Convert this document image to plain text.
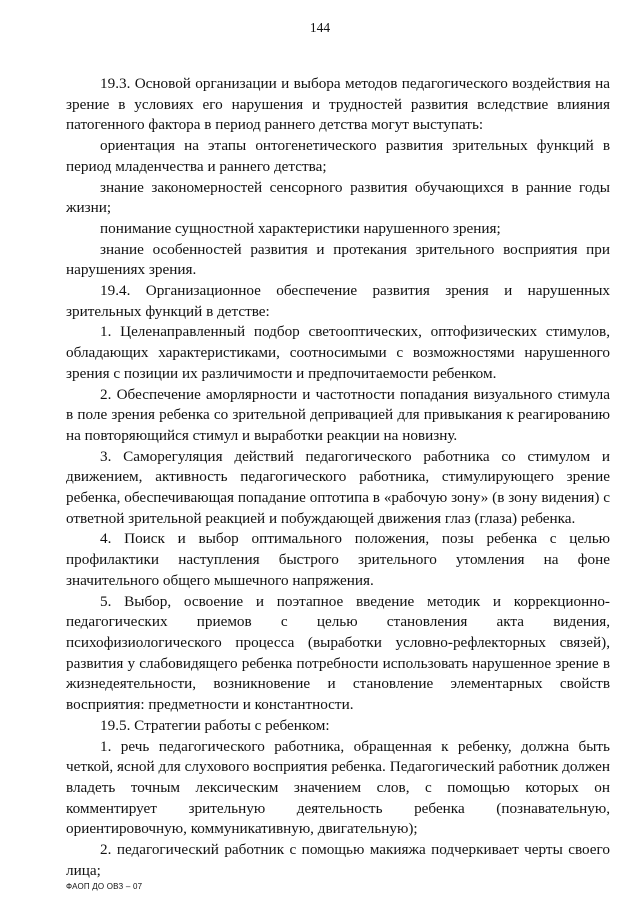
144

19.3. Основой организации и выбора методов педагогического воздействия на зрение в условиях его нарушения и трудностей развития вследствие влияния патогенного фактора в период раннего детства могут выступать:

ориентация на этапы онтогенетического развития зрительных функций в период младенчества и раннего детства;

знание закономерностей сенсорного развития обучающихся в ранние годы жизни;

понимание сущностной характеристики нарушенного зрения;

знание особенностей развития и протекания зрительного восприятия при нарушениях зрения.

19.4. Организационное обеспечение развития зрения и нарушенных зрительных функций в детстве:

1. Целенаправленный подбор светооптических, оптофизических стимулов, обладающих характеристиками, соотносимыми с возможностями нарушенного зрения с позиции их различимости и предпочитаемости ребенком.

2. Обеспечение аморлярности и частотности попадания визуального стимула в поле зрения ребенка со зрительной депривацией для привыкания к реагированию на повторяющийся стимул и выработки реакции на новизну.

3. Саморегуляция действий педагогического работника со стимулом и движением, активность педагогического работника, стимулирующего зрение ребенка, обеспечивающая попадание оптотипа в «рабочую зону» (в зону видения) с ответной зрительной реакцией и побуждающей движения глаз (глаза) ребенка.

4. Поиск и выбор оптимального положения, позы ребенка с целью профилактики наступления быстрого зрительного утомления на фоне значительного общего мышечного напряжения.

5. Выбор, освоение и поэтапное введение методик и коррекционно-педагогических приемов с целью становления акта видения, психофизиологического процесса (выработки условно-рефлекторных связей), развития у слабовидящего ребенка потребности использовать нарушенное зрение в жизнедеятельности, возникновение и становление элементарных свойств восприятия: предметности и константности.

19.5. Стратегии работы с ребенком:

1. речь педагогического работника, обращенная к ребенку, должна быть четкой, ясной для слухового восприятия ребенка. Педагогический работник должен владеть точным лексическим значением слов, с помощью которых он комментирует зрительную деятельность ребенка (познавательную, ориентировочную, коммуникативную, двигательную);

2. педагогический работник с помощью макияжа подчеркивает черты своего лица;

ФАОП ДО ОВЗ – 07
